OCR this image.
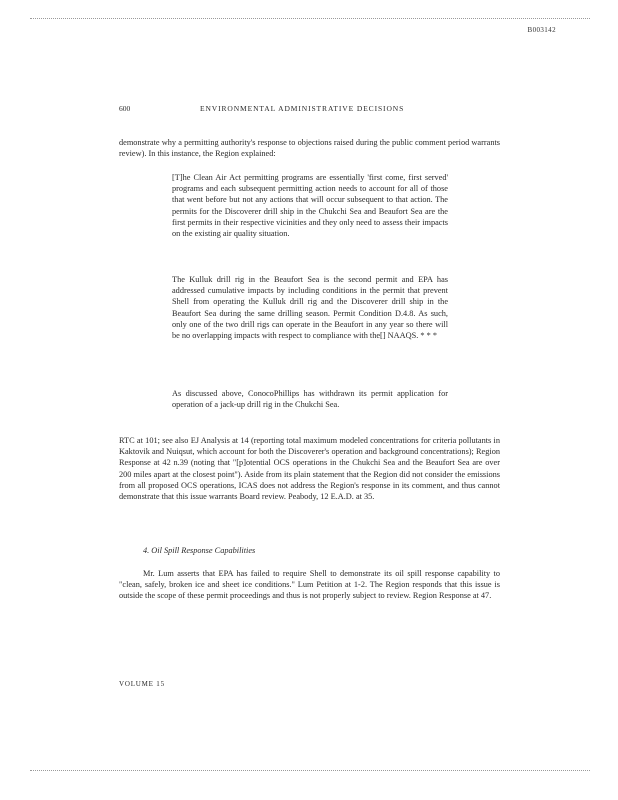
B003142
600	ENVIRONMENTAL ADMINISTRATIVE DECISIONS

demonstrate why a permitting authority's response to objections raised during the public comment period warrants review). In this instance, the Region explained:

[T]he Clean Air Act permitting programs are essentially 'first come, first served' programs and each subsequent permitting action needs to account for all of those that went before but not any actions that will occur subsequent to that action. The permits for the Discoverer drill ship in the Chukchi Sea and Beaufort Sea are the first permits in their respective vicinities and they only need to assess their impacts on the existing air quality situation.

The Kulluk drill rig in the Beaufort Sea is the second permit and EPA has addressed cumulative impacts by including conditions in the permit that prevent Shell from operating the Kulluk drill rig and the Discoverer drill ship in the Beaufort Sea during the same drilling season. Permit Condition D.4.8. As such, only one of the two drill rigs can operate in the Beaufort in any year so there will be no overlapping impacts with respect to compliance with the[] NAAQS. * * *

As discussed above, ConocoPhillips has withdrawn its permit application for operation of a jack-up drill rig in the Chukchi Sea.

RTC at 101; see also EJ Analysis at 14 (reporting total maximum modeled concentrations for criteria pollutants in Kaktovik and Nuiqsut, which account for both the Discoverer's operation and background concentrations); Region Response at 42 n.39 (noting that "[p]otential OCS operations in the Chukchi Sea and the Beaufort Sea are over 200 miles apart at the closest point"). Aside from its plain statement that the Region did not consider the emissions from all proposed OCS operations, ICAS does not address the Region's response in its comment, and thus cannot demonstrate that this issue warrants Board review. Peabody, 12 E.A.D. at 35.

4. Oil Spill Response Capabilities

Mr. Lum asserts that EPA has failed to require Shell to demonstrate its oil spill response capability to "clean, safely, broken ice and sheet ice conditions." Lum Petition at 1-2. The Region responds that this issue is outside the scope of these permit proceedings and thus is not properly subject to review. Region Response at 47.

VOLUME 15
